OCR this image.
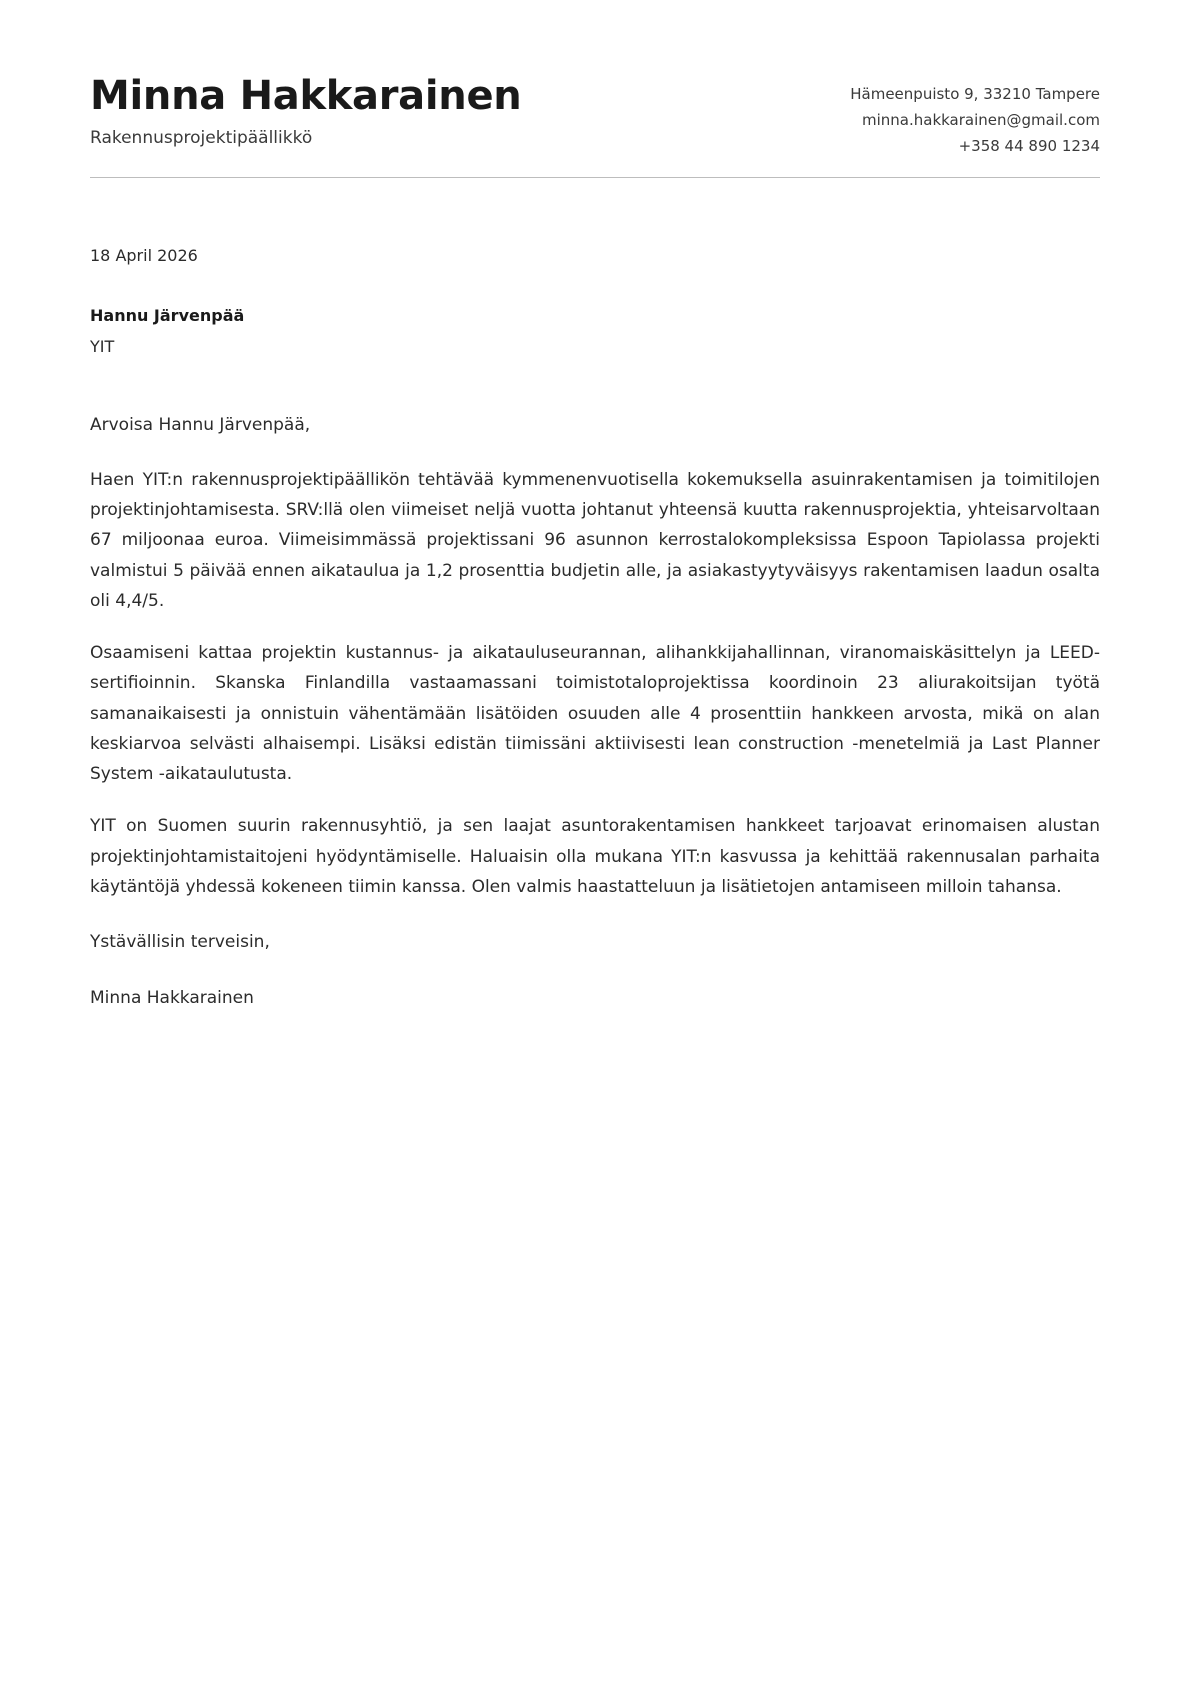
Minna Hakkarainen
Rakennusprojektipäällikkö
Hämeenpuisto 9, 33210 Tampere
minna.hakkarainen@gmail.com
+358 44 890 1234
18 April 2026
Hannu Järvenpää
YIT
Arvoisa Hannu Järvenpää,

Haen YIT:n rakennusprojektipäällikön tehtävää kymmenenvuotisella kokemuksella asuinrakentamisen ja toimitilojen projektinjohtamisesta. SRV:llä olen viimeiset neljä vuotta johtanut yhteensä kuutta rakennusprojektia, yhteisarvoltaan 67 miljoonaa euroa. Viimeisimmässä projektissani 96 asunnon kerrostalokompleksissa Espoon Tapiolassa projekti valmistui 5 päivää ennen aikataulua ja 1,2 prosenttia budjetin alle, ja asiakastyytyväisyys rakentamisen laadun osalta oli 4,4/5.

Osaamiseni kattaa projektin kustannus- ja aikatauluseurannan, alihankkijahallinnan, viranomaiskäsittelyn ja LEED-sertifioinnin. Skanska Finlandilla vastaamassani toimistotaloprojektissa koordinoin 23 aliurakoitsijan työtä samanaikaisesti ja onnistuin vähentämään lisätöiden osuuden alle 4 prosenttiin hankkeen arvosta, mikä on alan keskiarvoa selvästi alhaisempi. Lisäksi edistän tiimissäni aktiivisesti lean construction -menetelmiä ja Last Planner System -aikataulutusta.

YIT on Suomen suurin rakennusyhtiö, ja sen laajat asuntorakentamisen hankkeet tarjoavat erinomaisen alustan projektinjohtamistaitojeni hyödyntämiselle. Haluaisin olla mukana YIT:n kasvussa ja kehittää rakennusalan parhaita käytäntöjä yhdessä kokeneen tiimin kanssa. Olen valmis haastatteluun ja lisätietojen antamiseen milloin tahansa.

Ystävällisin terveisin,
Minna Hakkarainen
